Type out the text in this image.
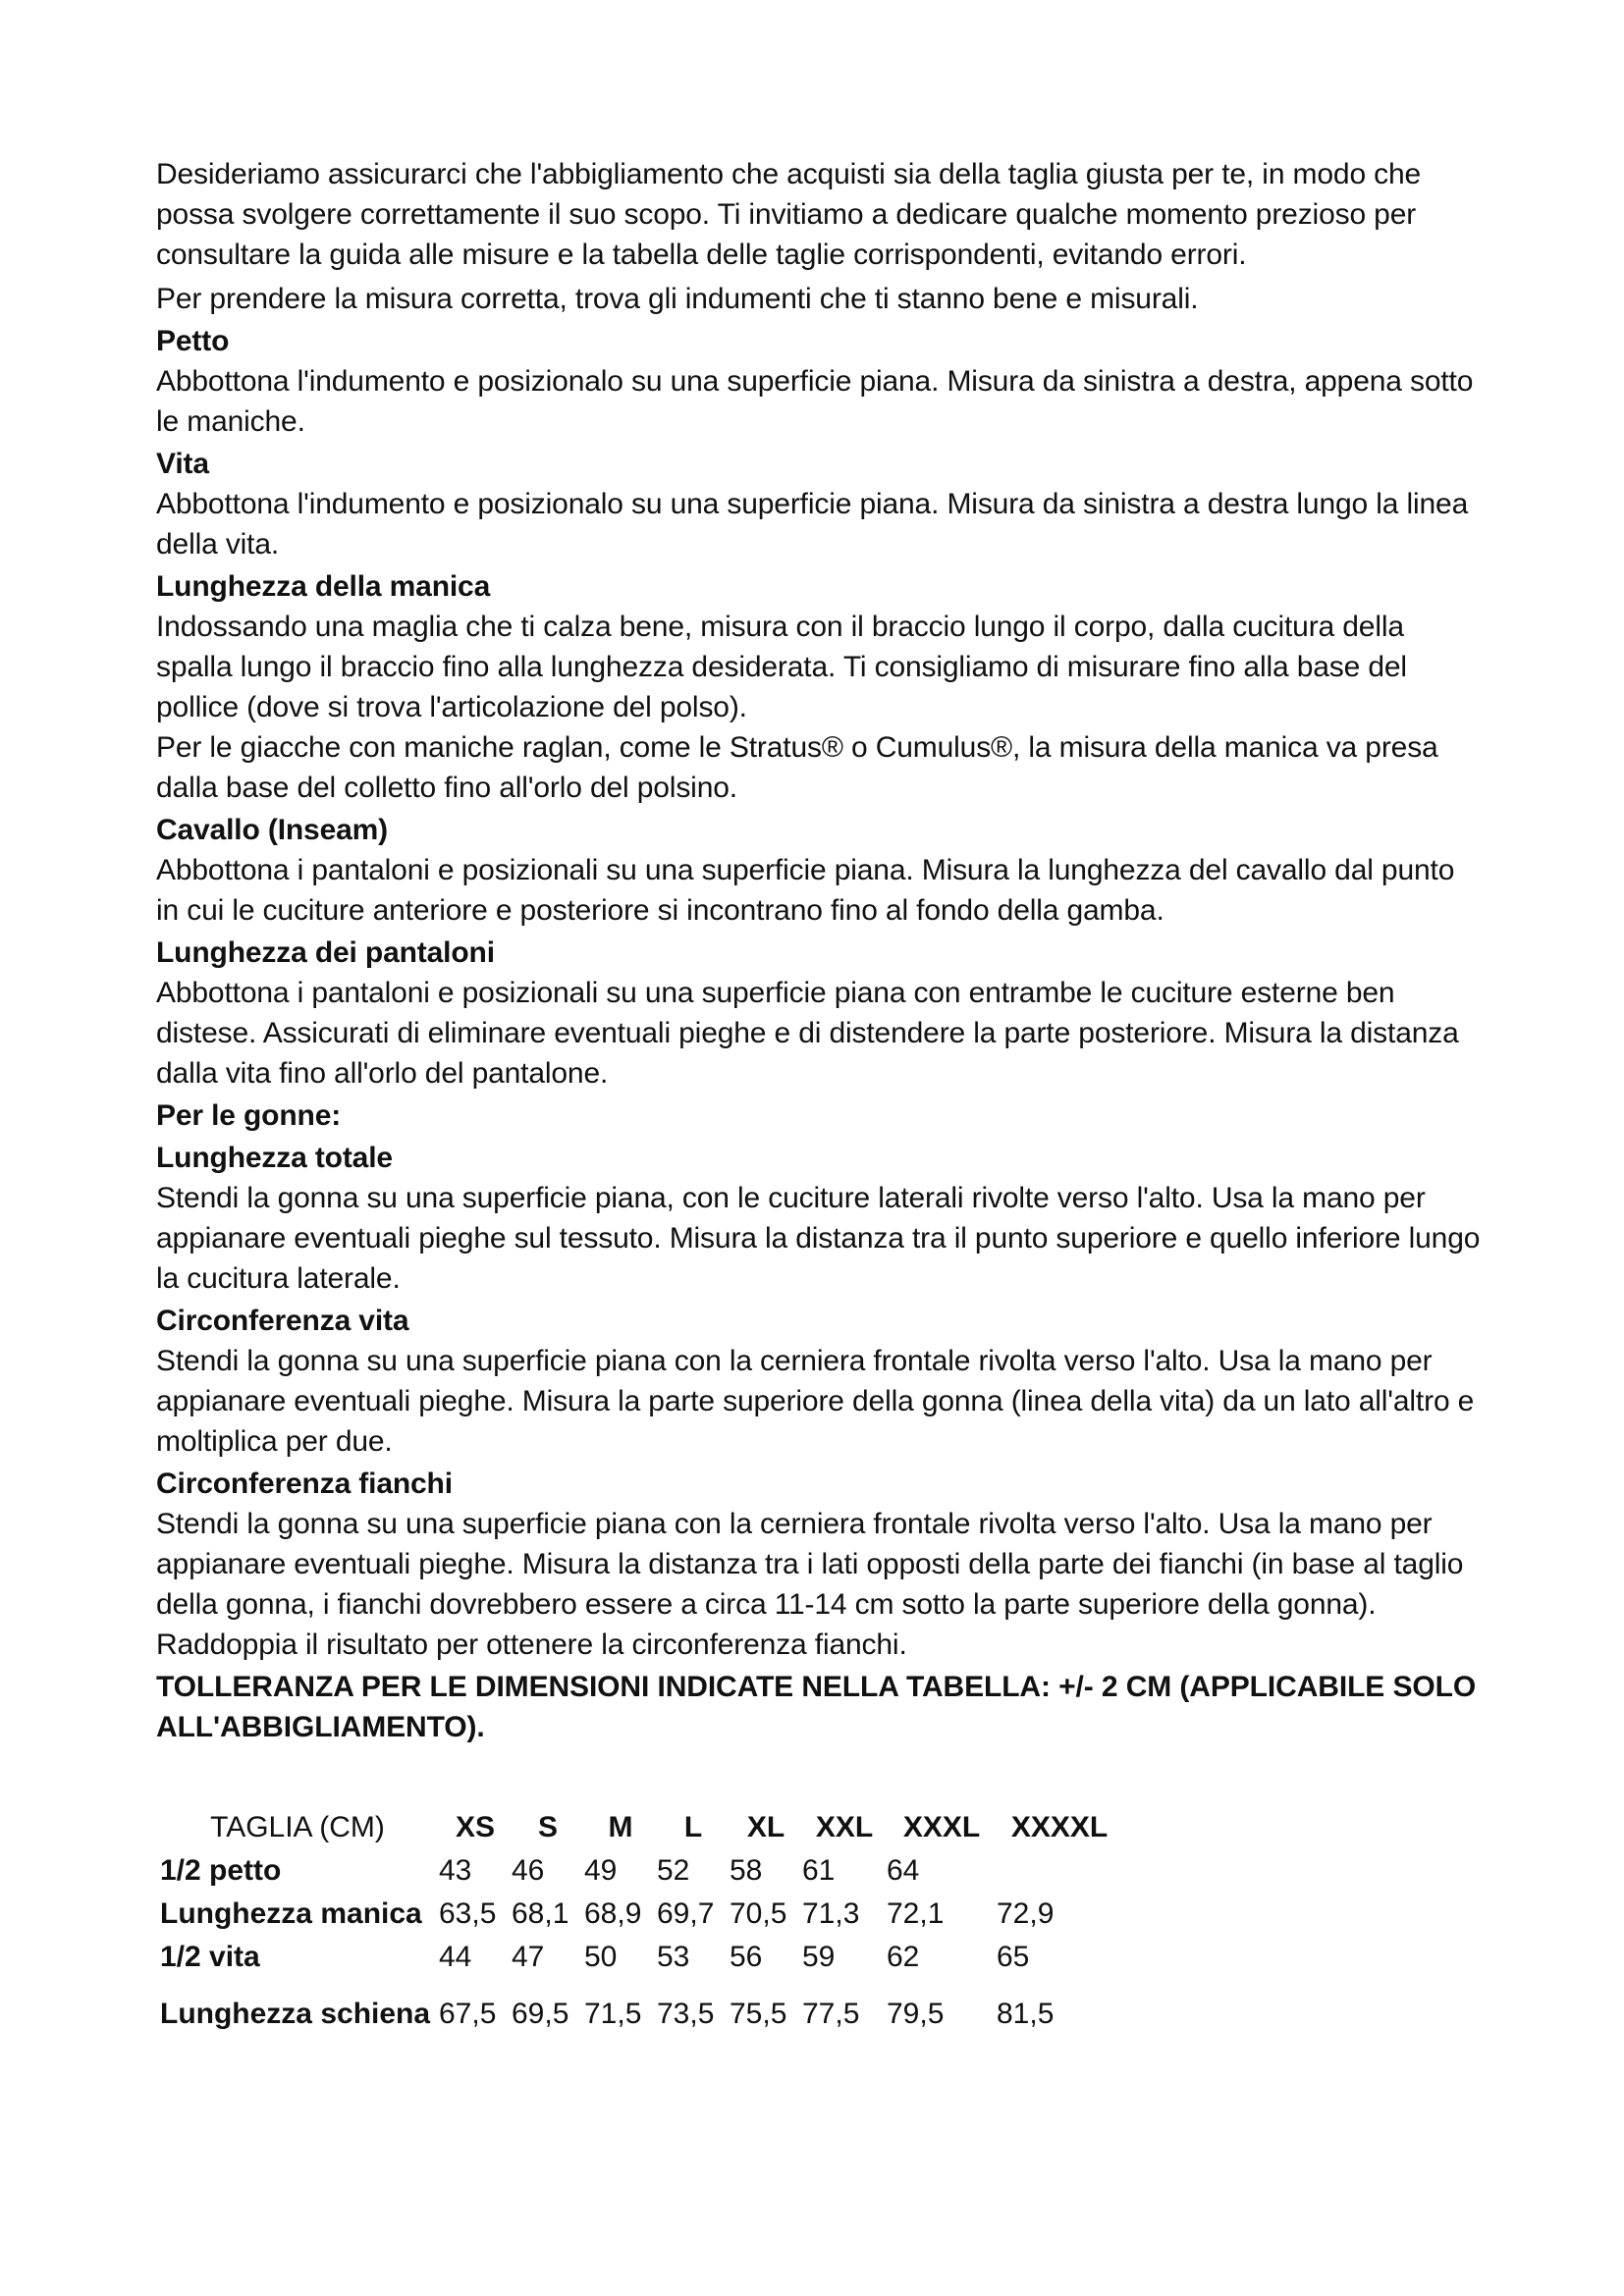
Desideriamo assicurarci che l'abbigliamento che acquisti sia della taglia giusta per te, in modo che possa svolgere correttamente il suo scopo. Ti invitiamo a dedicare qualche momento prezioso per consultare la guida alle misure e la tabella delle taglie corrispondenti, evitando errori.

Per prendere la misura corretta, trova gli indumenti che ti stanno bene e misurali.

Petto

Abbottona l'indumento e posizionalo su una superficie piana. Misura da sinistra a destra, appena sotto le maniche.

Vita

Abbottona l'indumento e posizionalo su una superficie piana. Misura da sinistra a destra lungo la linea della vita.

Lunghezza della manica

Indossando una maglia che ti calza bene, misura con il braccio lungo il corpo, dalla cucitura della spalla lungo il braccio fino alla lunghezza desiderata. Ti consigliamo di misurare fino alla base del pollice (dove si trova l'articolazione del polso).

Per le giacche con maniche raglan, come le Stratus® o Cumulus®, la misura della manica va presa dalla base del colletto fino all'orlo del polsino.

Cavallo (Inseam)

Abbottona i pantaloni e posizionali su una superficie piana. Misura la lunghezza del cavallo dal punto in cui le cuciture anteriore e posteriore si incontrano fino al fondo della gamba.

Lunghezza dei pantaloni

Abbottona i pantaloni e posizionali su una superficie piana con entrambe le cuciture esterne ben distese. Assicurati di eliminare eventuali pieghe e di distendere la parte posteriore. Misura la distanza dalla vita fino all'orlo del pantalone.

Per le gonne:

Lunghezza totale

Stendi la gonna su una superficie piana, con le cuciture laterali rivolte verso l'alto. Usa la mano per appianare eventuali pieghe sul tessuto. Misura la distanza tra il punto superiore e quello inferiore lungo la cucitura laterale.

Circonferenza vita

Stendi la gonna su una superficie piana con la cerniera frontale rivolta verso l'alto. Usa la mano per appianare eventuali pieghe. Misura la parte superiore della gonna (linea della vita) da un lato all'altro e moltiplica per due.

Circonferenza fianchi

Stendi la gonna su una superficie piana con la cerniera frontale rivolta verso l'alto. Usa la mano per appianare eventuali pieghe. Misura la distanza tra i lati opposti della parte dei fianchi (in base al taglio della gonna, i fianchi dovrebbero essere a circa 11-14 cm sotto la parte superiore della gonna). Raddoppia il risultato per ottenere la circonferenza fianchi.

TOLLERANZA PER LE DIMENSIONI INDICATE NELLA TABELLA: +/- 2 CM (APPLICABILE SOLO ALL'ABBIGLIAMENTO).

TAGLIA (CM)	XS	S	M	L	XL	XXL	XXXL	XXXXL
1/2 petto	43	46	49	52	58	61	64	
Lunghezza manica	63,5	68,1	68,9	69,7	70,5	71,3	72,1	72,9
1/2 vita	44	47	50	53	56	59	62	65
Lunghezza schiena	67,5	69,5	71,5	73,5	75,5	77,5	79,5	81,5
